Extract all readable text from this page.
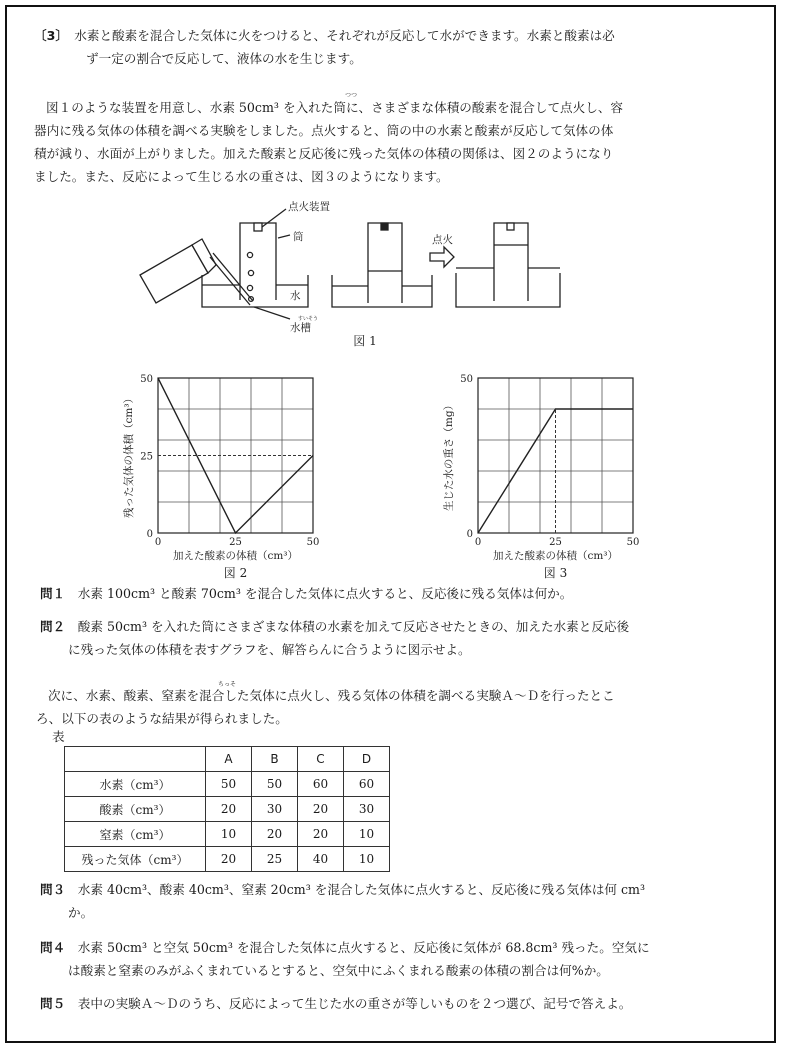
〔3〕　 水素と酸素を混合した気体に火をつけると、それぞれが反応して水ができます。水素と酸素は必
ず一定の割合で反応して、液体の水を生じます。
つつ
図１のような装置を用意し、水素 50cm³ を入れた筒に、さまざまな体積の酸素を混合して点火し、容
器内に残る気体の体積を調べる実験をしました。点火すると、筒の中の水素と酸素が反応して気体の体
積が減り、水面が上がりました。加えた酸素と反応後に残った気体の体積の関係は、図２のようになり
ました。また、反応によって生じる水の重さは、図３のようになります。
点火装置
筒
水
水槽
すいそう
点火
図 1
0	25	50
0
25
50
加えた酸素の体積（cm³）
残った気体の体積（cm³）
図 2
0	25	50
0
50
加えた酸素の体積（cm³）
生じた水の重さ（mg）
図 3
問１　 水素 100cm³ と酸素 70cm³ を混合した気体に点火すると、反応後に残る気体は何か。
問２　 酸素 50cm³ を入れた筒にさまざまな体積の水素を加えて反応させたときの、加えた水素と反応後
に残った気体の体積を表すグラフを、解答らんに合うように図示せよ。
ちっそ
次に、水素、酸素、窒素を混合した気体に点火し、残る気体の体積を調べる実験Ａ～Ｄを行ったとこ
ろ、以下の表のような結果が得られました。
表
	A	B	C	D
水素（cm³）	50	50	60	60
酸素（cm³）	20	30	20	30
窒素（cm³）	10	20	20	10
残った気体（cm³）	20	25	40	10
問３　 水素 40cm³、酸素 40cm³、窒素 20cm³ を混合した気体に点火すると、反応後に残る気体は何 cm³
か。
問４　 水素 50cm³ と空気 50cm³ を混合した気体に点火すると、反応後に気体が 68.8cm³ 残った。空気に
は酸素と窒素のみがふくまれているとすると、空気中にふくまれる酸素の体積の割合は何%か。
問５　 表中の実験Ａ～Ｄのうち、反応によって生じた水の重さが等しいものを２つ選び、記号で答えよ。
